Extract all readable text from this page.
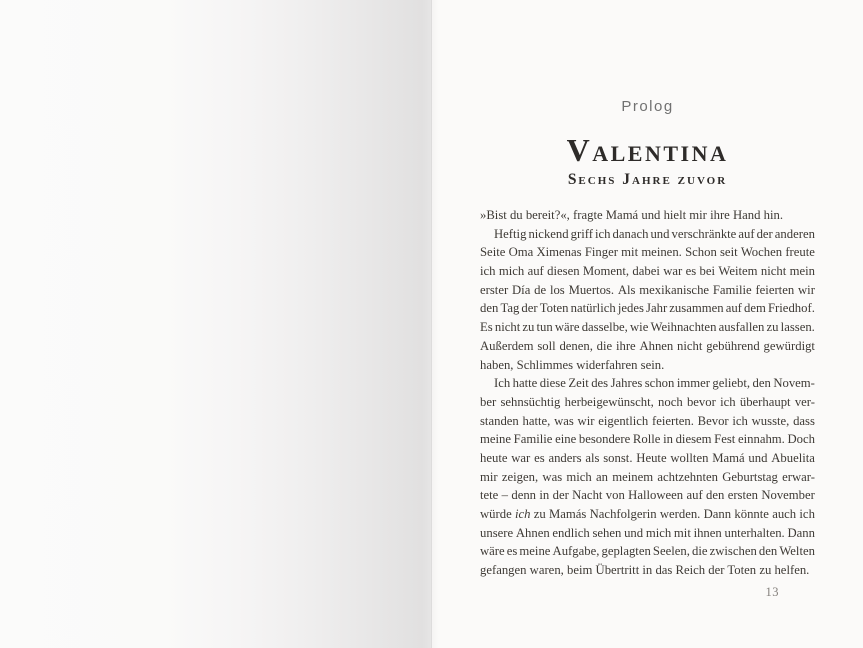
Prolog
Valentina
Sechs Jahre zuvor
»Bist du bereit?«, fragte Mamá und hielt mir ihre Hand hin.
Heftig nickend griff ich danach und verschränkte auf der anderen
Seite Oma Ximenas Finger mit meinen. Schon seit Wochen freute
ich mich auf diesen Moment, dabei war es bei Weitem nicht mein
erster Día de los Muertos. Als mexikanische Familie feierten wir
den Tag der Toten natürlich jedes Jahr zusammen auf dem Friedhof.
Es nicht zu tun wäre dasselbe, wie Weihnachten ausfallen zu lassen.
Außerdem soll denen, die ihre Ahnen nicht gebührend gewürdigt
haben, Schlimmes widerfahren sein.
Ich hatte diese Zeit des Jahres schon immer geliebt, den Novem-
ber sehnsüchtig herbeigewünscht, noch bevor ich überhaupt ver-
standen hatte, was wir eigentlich feierten. Bevor ich wusste, dass
meine Familie eine besondere Rolle in diesem Fest einnahm. Doch
heute war es anders als sonst. Heute wollten Mamá und Abuelita
mir zeigen, was mich an meinem achtzehnten Geburtstag erwar-
tete – denn in der Nacht von Halloween auf den ersten November
würde ich zu Mamás Nachfolgerin werden. Dann könnte auch ich
unsere Ahnen endlich sehen und mich mit ihnen unterhalten. Dann
wäre es meine Aufgabe, geplagten Seelen, die zwischen den Welten
gefangen waren, beim Übertritt in das Reich der Toten zu helfen.
13
